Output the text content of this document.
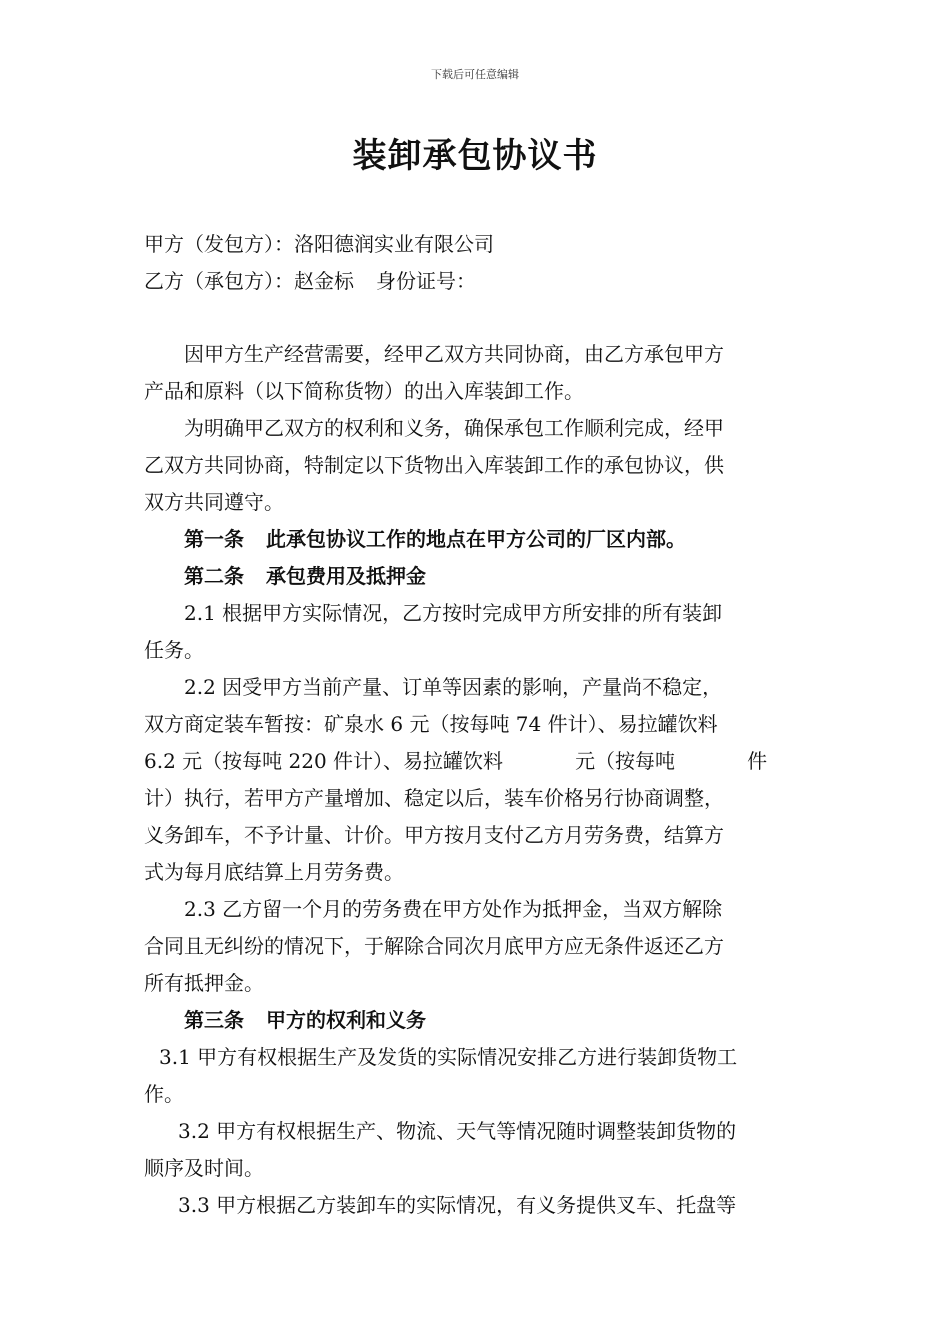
下载后可任意编辑
装卸承包协议书
甲方（发包方）：洛阳德润实业有限公司
乙方（承包方）：赵金标 身份证号：
因甲方生产经营需要，经甲乙双方共同协商，由乙方承包甲方
产品和原料（以下简称货物）的出入库装卸工作。
为明确甲乙双方的权利和义务，确保承包工作顺利完成，经甲
乙双方共同协商，特制定以下货物出入库装卸工作的承包协议，供
双方共同遵守。
第一条 此承包协议工作的地点在甲方公司的厂区内部。
第二条 承包费用及抵押金
2.1 根据甲方实际情况，乙方按时完成甲方所安排的所有装卸
任务。
2.2 因受甲方当前产量、订单等因素的影响，产量尚不稳定，
双方商定装车暂按：矿泉水 6 元（按每吨 74 件计）、易拉罐饮料
6.2 元（按每吨 220 件计）、易拉罐饮料	元（按每吨	件
计）执行，若甲方产量增加、稳定以后，装车价格另行协商调整，
义务卸车，不予计量、计价。甲方按月支付乙方月劳务费，结算方
式为每月底结算上月劳务费。
2.3 乙方留一个月的劳务费在甲方处作为抵押金，当双方解除
合同且无纠纷的情况下，于解除合同次月底甲方应无条件返还乙方
所有抵押金。
第三条 甲方的权利和义务
3.1 甲方有权根据生产及发货的实际情况安排乙方进行装卸货物工
作。
3.2 甲方有权根据生产、物流、天气等情况随时调整装卸货物的
顺序及时间。
3.3 甲方根据乙方装卸车的实际情况，有义务提供叉车、托盘等
